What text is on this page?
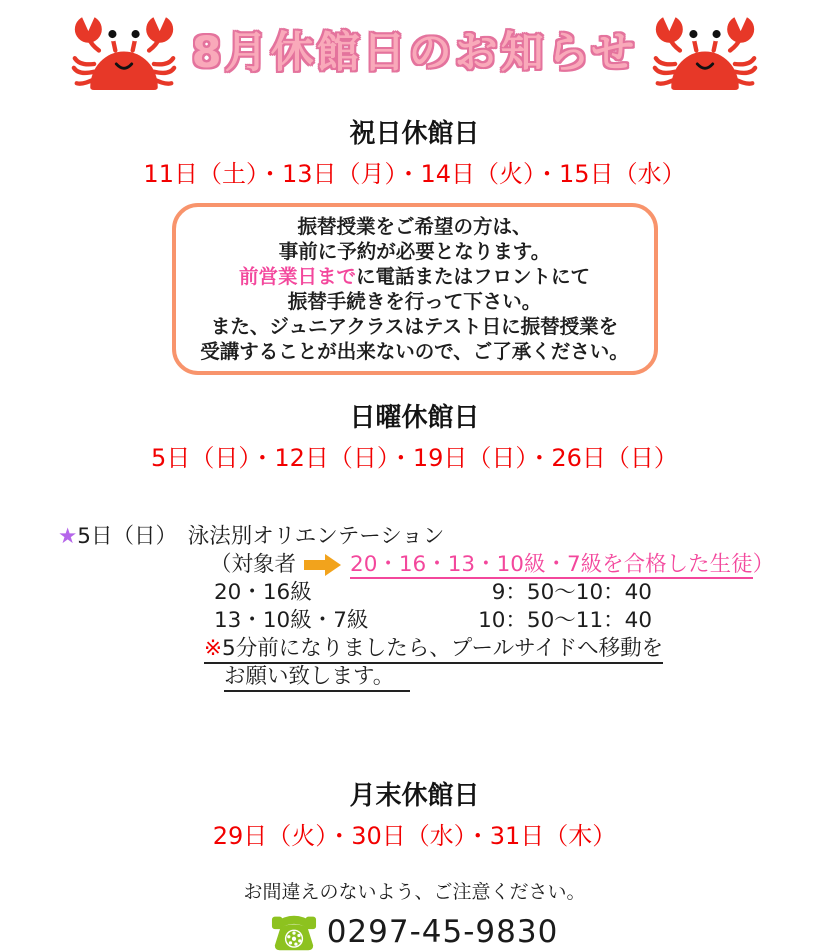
8月休館日のお知らせ
祝日休館日

11日（土）・13日（月）・14日（火）・15日（水）

振替授業をご希望の方は、
事前に予約が必要となります。
前営業日までに電話またはフロントにて
振替手続きを行って下さい。
また、ジュニアクラスはテスト日に振替授業を
受講することが出来ないので、ご了承ください。
日曜休館日

5日（日）・12日（日）・19日（日）・26日（日）

★5日（日）　泳法別オリエンテーション
（対象者	20・16・13・10級・7級を合格した生徒）
20・16級	9：50～10：40
13・10級・7級	10：50～11：40
※5分前になりましたら、プールサイドへ移動を
お願い致します。
月末休館日

29日（火）・30日（水）・31日（木）

お間違えのないよう、ご注意ください。

0297-45-9830
